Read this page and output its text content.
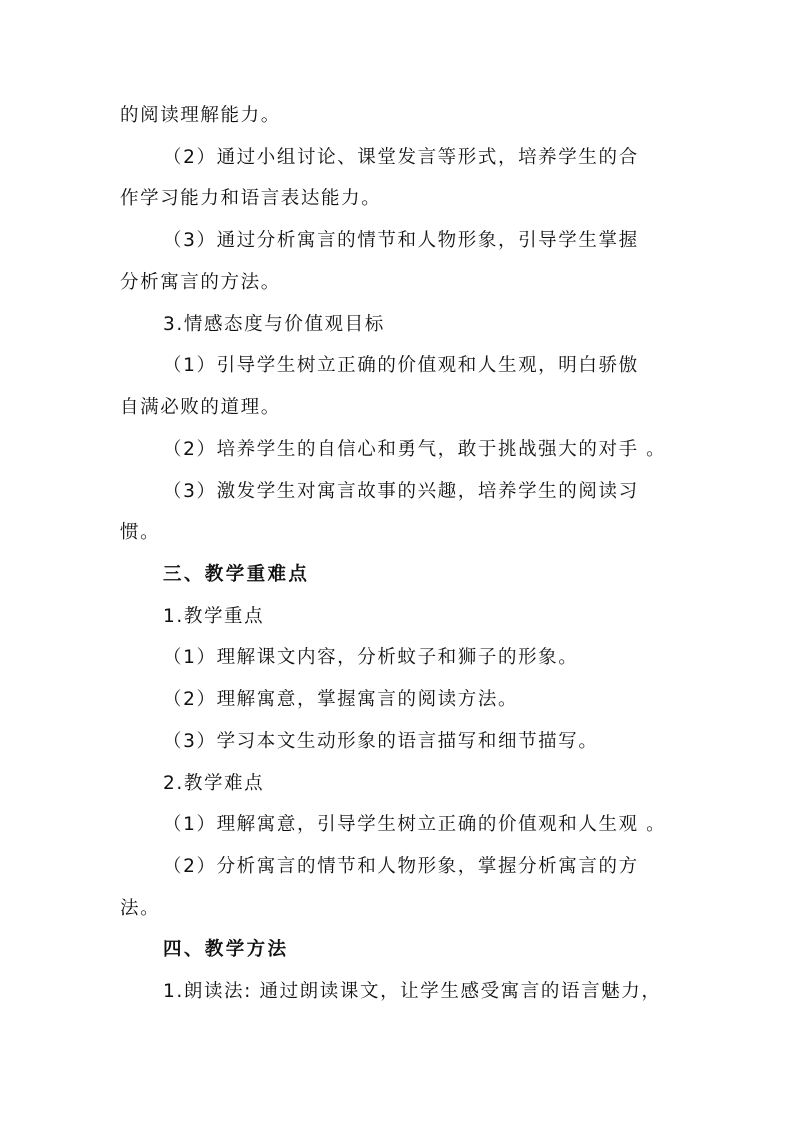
的阅读理解能力。
（2）通过小组讨论、课堂发言等形式，培养学生的合
作学习能力和语言表达能力。
（3）通过分析寓言的情节和人物形象，引导学生掌握
分析寓言的方法。
3.情感态度与价值观目标
（1）引导学生树立正确的价值观和人生观，明白骄傲
自满必败的道理。
（2）培养学生的自信心和勇气，敢于挑战强大的对手 。
（3）激发学生对寓言故事的兴趣，培养学生的阅读习
惯。
三、教学重难点
1.教学重点
（1）理解课文内容，分析蚊子和狮子的形象。
（2）理解寓意，掌握寓言的阅读方法。
（3）学习本文生动形象的语言描写和细节描写。
2.教学难点
（1）理解寓意，引导学生树立正确的价值观和人生观 。
（2）分析寓言的情节和人物形象，掌握分析寓言的方
法。
四、教学方法
1.朗读法: 通过朗读课文，让学生感受寓言的语言魅力，
